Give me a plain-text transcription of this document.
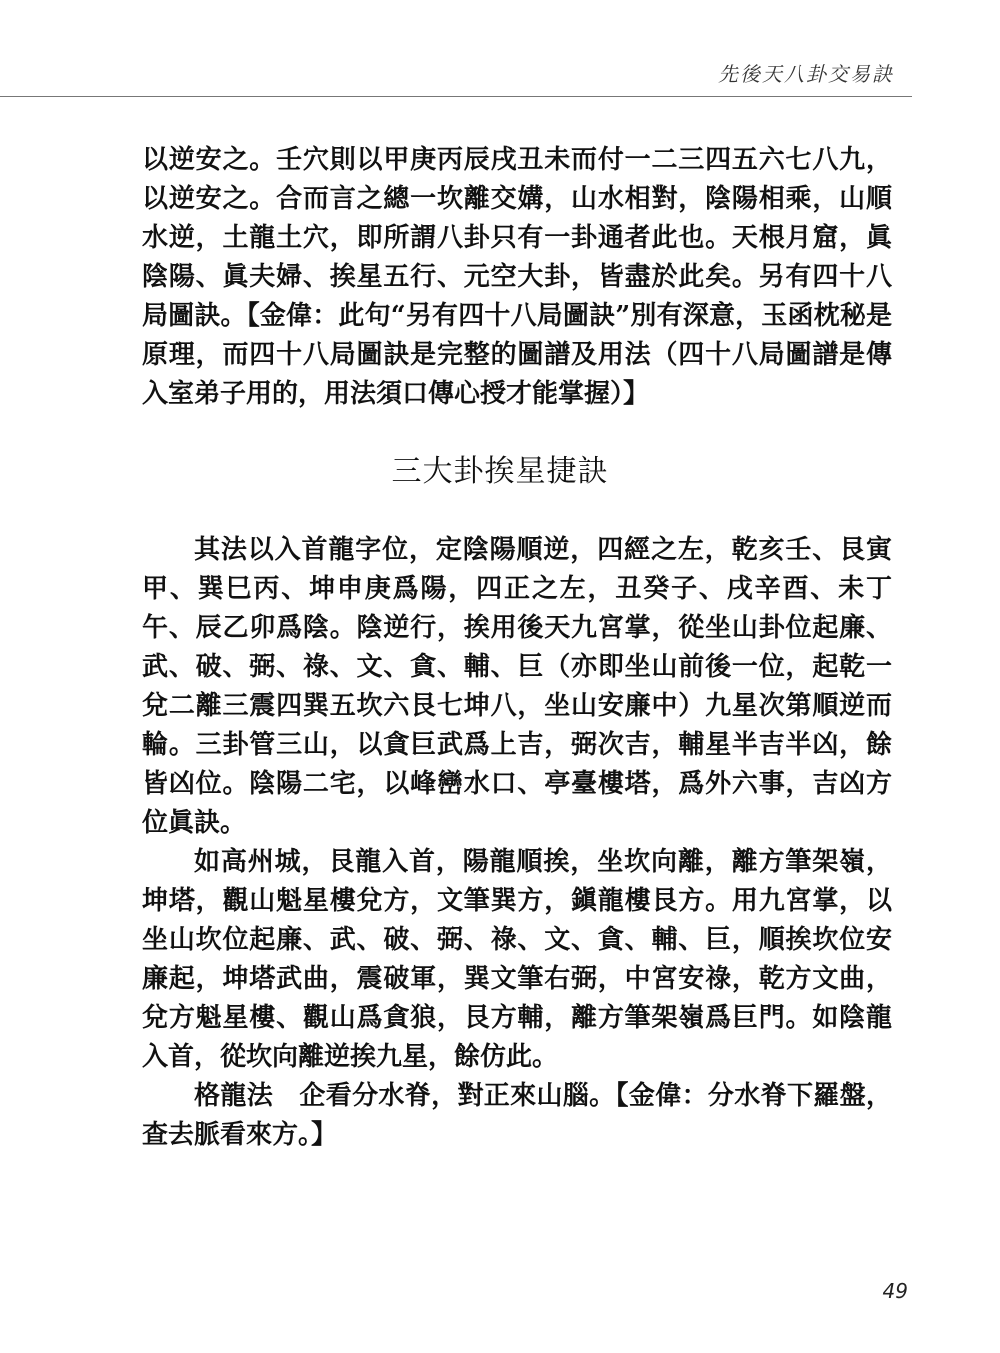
先後天八卦交易訣

以逆安之。壬穴則以甲庚丙辰戌丑未而付一二三四五六七八九，以逆安之。合而言之總一坎離交媾，山水相對，陰陽相乘，山順水逆，土龍土穴，即所謂八卦只有一卦通者此也。天根月窟，眞陰陽、眞夫婦、挨星五行、元空大卦，皆盡於此矣。另有四十八局圖訣。【金偉：此句“另有四十八局圖訣”別有深意，玉函枕秘是原理，而四十八局圖訣是完整的圖譜及用法（四十八局圖譜是傳入室弟子用的，用法須口傳心授才能掌握）】

三大卦挨星捷訣

其法以入首龍字位，定陰陽順逆，四經之左，乾亥壬、艮寅甲、巽巳丙、坤申庚爲陽，四正之左，丑癸子、戌辛酉、未丁午、辰乙卯爲陰。陰逆行，挨用後天九宮掌，從坐山卦位起廉、武、破、弼、祿、文、貪、輔、巨（亦即坐山前後一位，起乾一兌二離三震四巽五坎六艮七坤八，坐山安廉中）九星次第順逆而輪。三卦管三山，以貪巨武爲上吉，弼次吉，輔星半吉半凶，餘皆凶位。陰陽二宅，以峰巒水口、亭臺樓塔，爲外六事，吉凶方位眞訣。

如高州城，艮龍入首，陽龍順挨，坐坎向離，離方筆架嶺，坤塔，觀山魁星樓兌方，文筆巽方，鎭龍樓艮方。用九宮掌，以坐山坎位起廉、武、破、弼、祿、文、貪、輔、巨，順挨坎位安廉起，坤塔武曲，震破軍，巽文筆右弼，中宮安祿，乾方文曲，兌方魁星樓、觀山爲貪狼，艮方輔，離方筆架嶺爲巨門。如陰龍入首，從坎向離逆挨九星，餘仿此。

格龍法　企看分水脊，對正來山腦。【金偉：分水脊下羅盤，查去脈看來方。】

49
